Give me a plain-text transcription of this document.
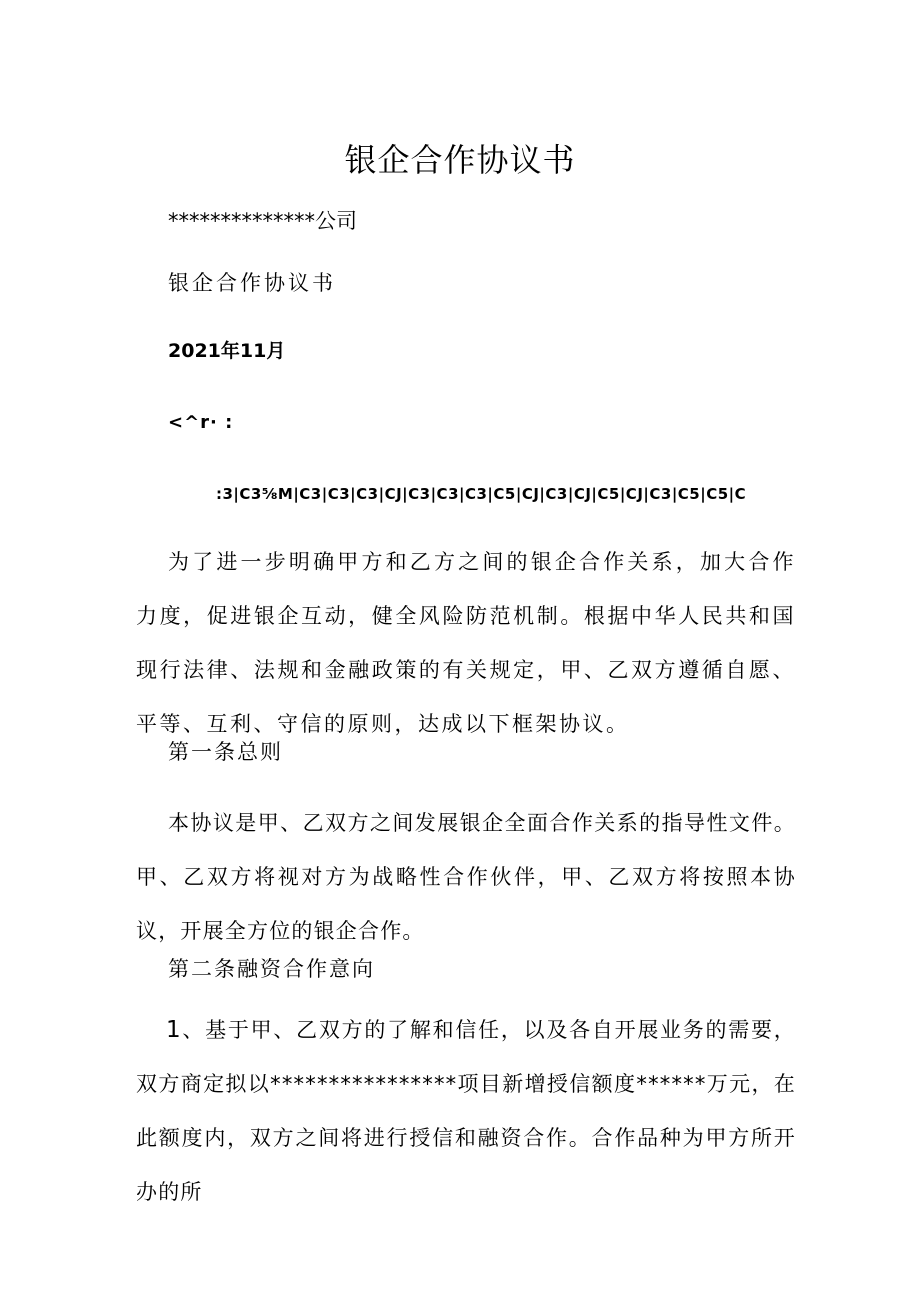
银企合作协议书
**************公司
银企合作协议书
2021年11月
<^r· :
:3|C3⅝M|C3|C3|C3|CJ|C3|C3|C3|C5|CJ|C3|CJ|C5|CJ|C3|C5|C5|C
为了进一步明确甲方和乙方之间的银企合作关系，加大合作力度，促进银企互动，健全风险防范机制。根据中华人民共和国现行法律、法规和金融政策的有关规定，甲、乙双方遵循自愿、平等、互利、守信的原则，达成以下框架协议。
第一条总则
本协议是甲、乙双方之间发展银企全面合作关系的指导性文件。甲、乙双方将视对方为战略性合作伙伴，甲、乙双方将按照本协议，开展全方位的银企合作。
第二条融资合作意向
1、基于甲、乙双方的了解和信任，以及各自开展业务的需要，双方商定拟以****************项目新增授信额度******万元，在此额度内，双方之间将进行授信和融资合作。合作品种为甲方所开办的所
